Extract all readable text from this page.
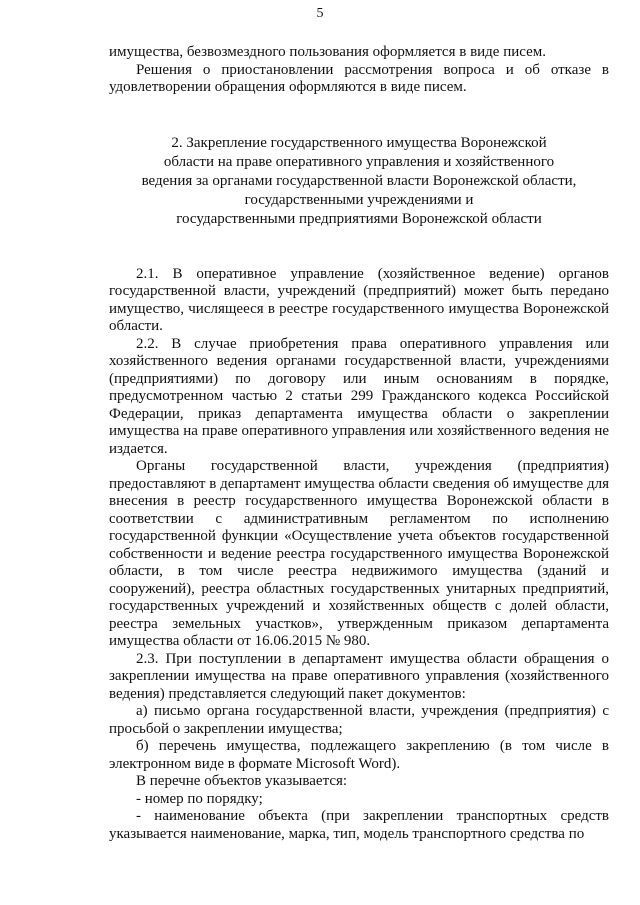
5

имущества, безвозмездного пользования оформляется в виде писем.

Решения о приостановлении рассмотрения вопроса и об отказе в удовлетворении обращения оформляются в виде писем.

2. Закрепление государственного имущества Воронежской
области на праве оперативного управления и хозяйственного
ведения за органами государственной власти Воронежской области,
государственными учреждениями и
государственными предприятиями Воронежской области

2.1. В оперативное управление (хозяйственное ведение) органов государственной власти, учреждений (предприятий) может быть передано имущество, числящееся в реестре государственного имущества Воронежской области.

2.2. В случае приобретения права оперативного управления или хозяйственного ведения органами государственной власти, учреждениями (предприятиями) по договору или иным основаниям в порядке, предусмотренном частью 2 статьи 299 Гражданского кодекса Российской Федерации, приказ департамента имущества области о закреплении имущества на праве оперативного управления или хозяйственного ведения не издается.

Органы государственной власти, учреждения (предприятия) предоставляют в департамент имущества области сведения об имуществе для внесения в реестр государственного имущества Воронежской области в соответствии с административным регламентом по исполнению государственной функции «Осуществление учета объектов государственной собственности и ведение реестра государственного имущества Воронежской области, в том числе реестра недвижимого имущества (зданий и сооружений), реестра областных государственных унитарных предприятий, государственных учреждений и хозяйственных обществ с долей области, реестра земельных участков», утвержденным приказом департамента имущества области от 16.06.2015 № 980.

2.3. При поступлении в департамент имущества области обращения о закреплении имущества на праве оперативного управления (хозяйственного ведения) представляется следующий пакет документов:

а) письмо органа государственной власти, учреждения (предприятия) с просьбой о закреплении имущества;

б) перечень имущества, подлежащего закреплению (в том числе в электронном виде в формате Microsoft Word).

В перечне объектов указывается:

- номер по порядку;

- наименование объекта (при закреплении транспортных средств указывается наименование, марка, тип, модель транспортного средства по
